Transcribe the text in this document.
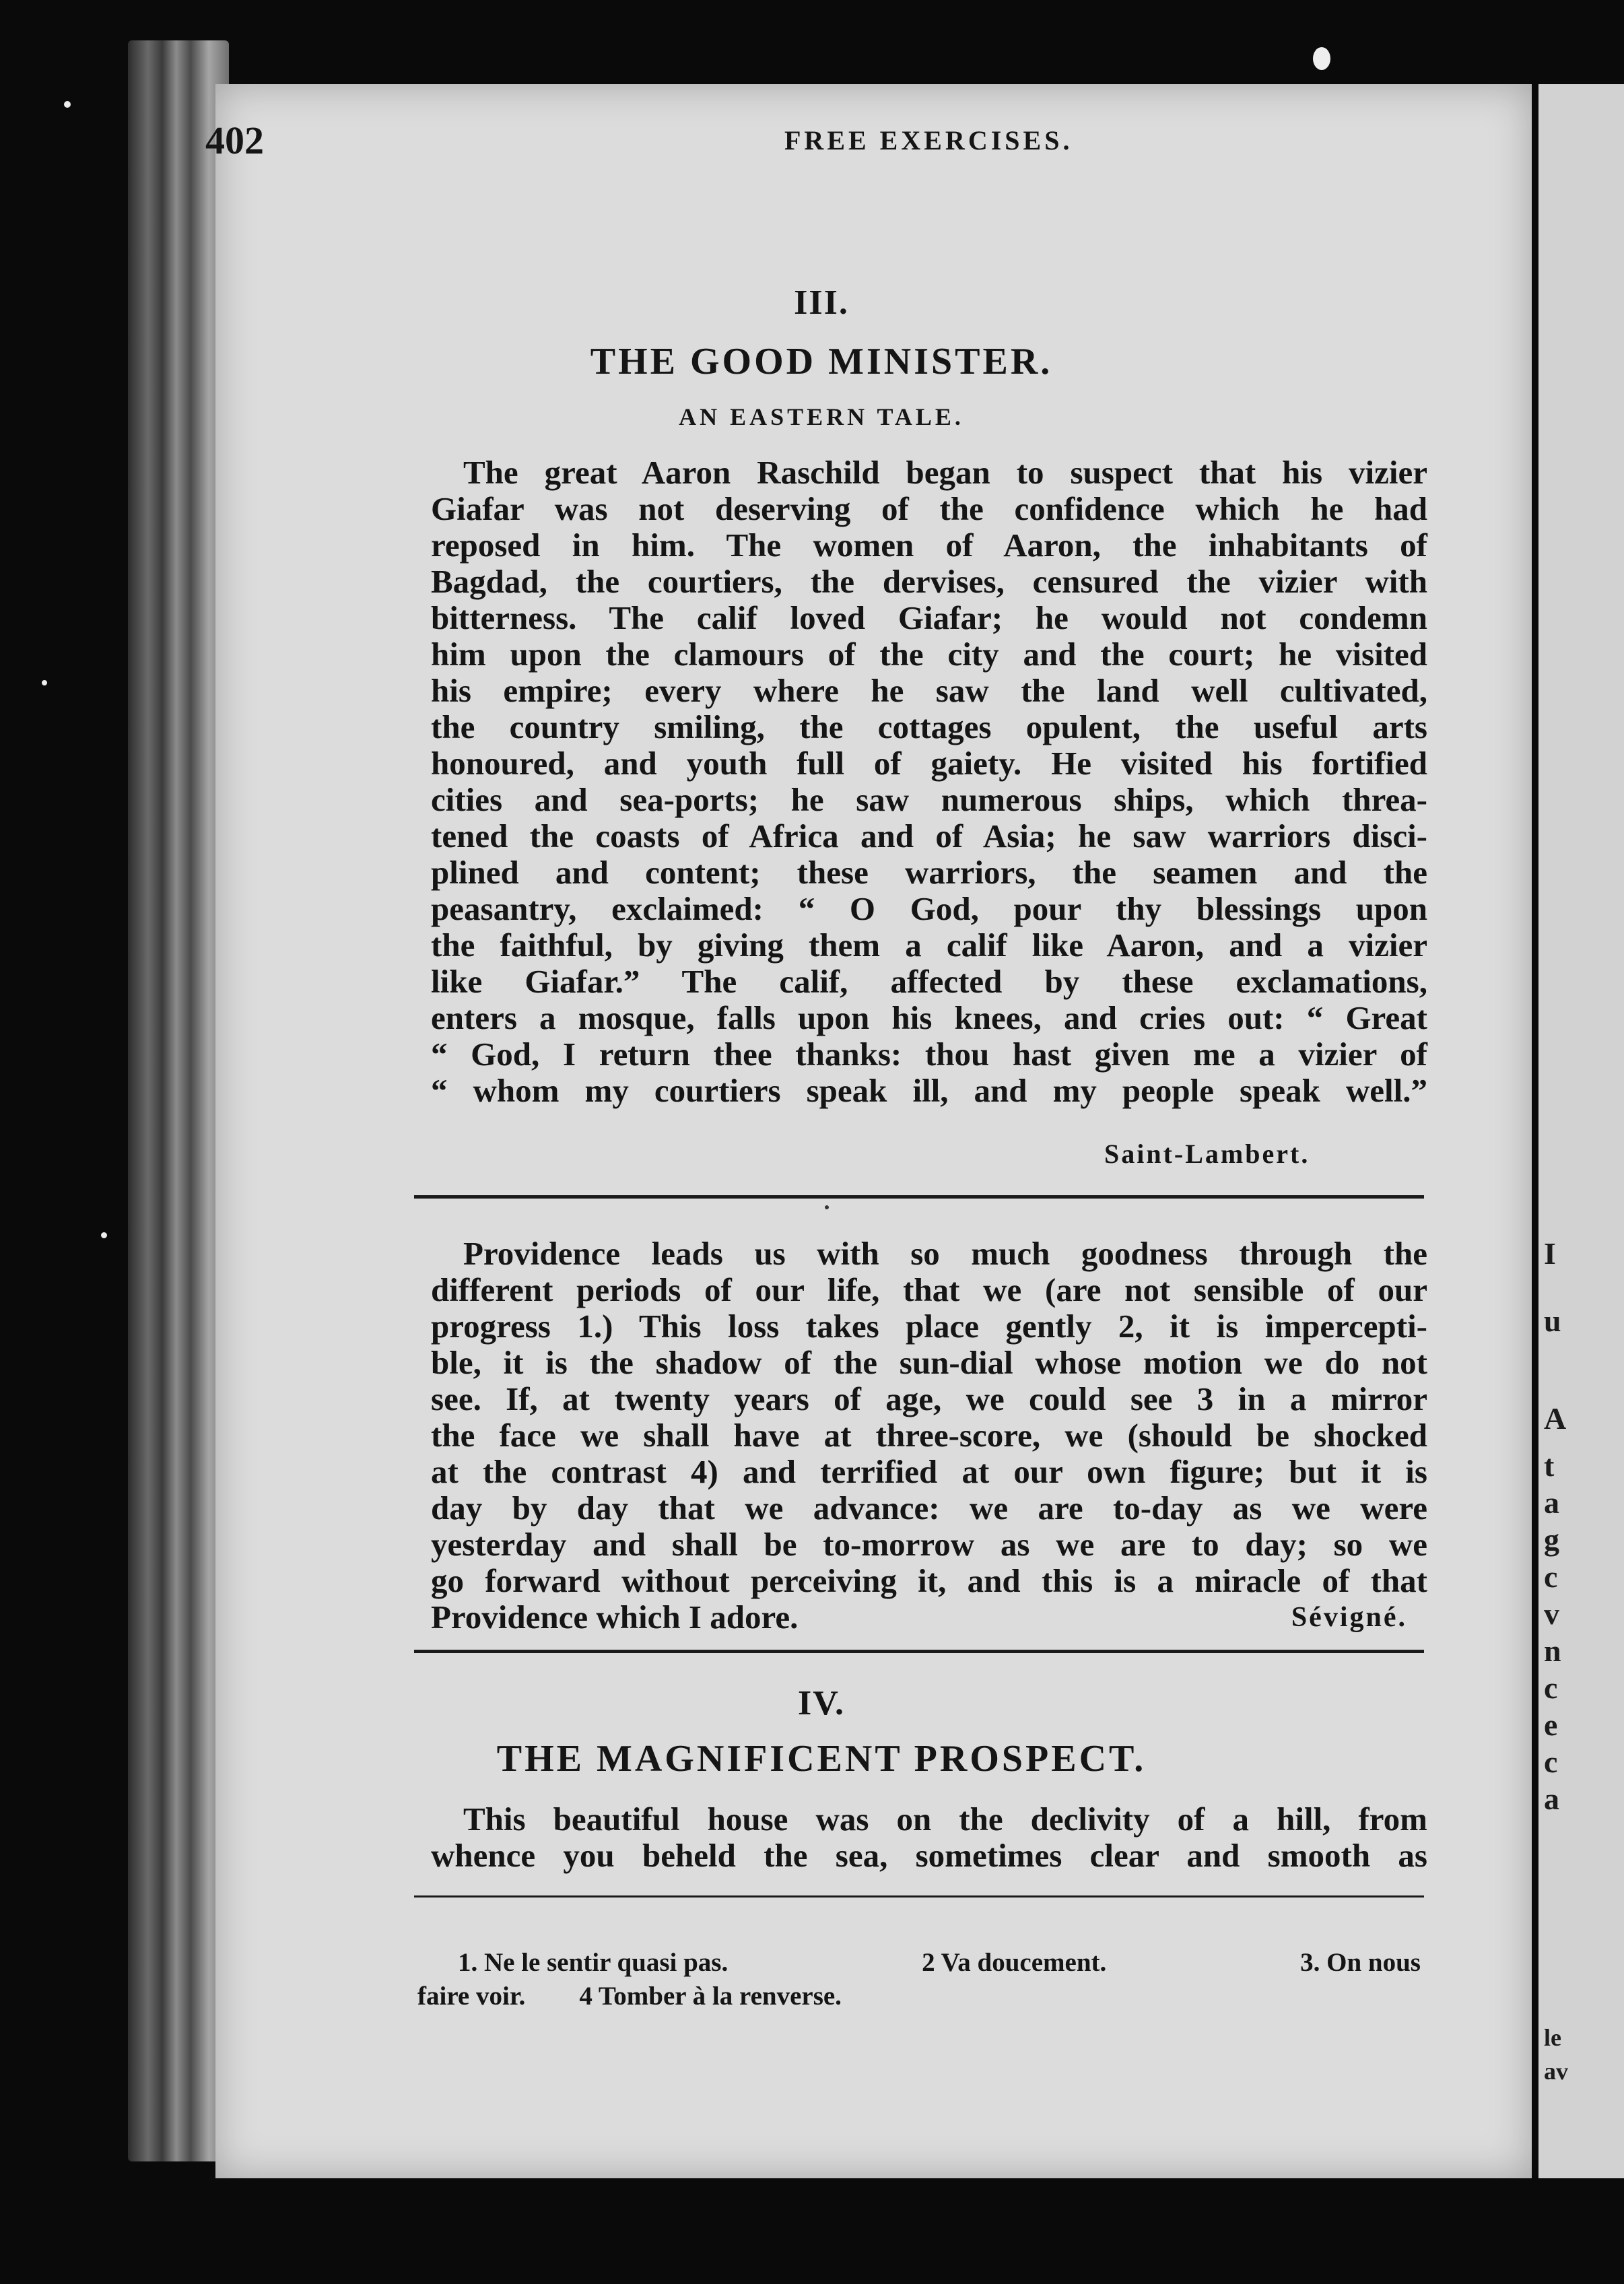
I
u
A
t
a
g
c
v
n
c
e
c
a
le
av
402	FREE EXERCISES.
III.
THE GOOD MINISTER.
AN EASTERN TALE.
The great Aaron Raschild began to suspect that his vizier
Giafar was not deserving of the confidence which he had
reposed in him. The women of Aaron, the inhabitants of
Bagdad, the courtiers, the dervises, censured the vizier with
bitterness. The calif loved Giafar; he would not condemn
him upon the clamours of the city and the court; he visited
his empire; every where he saw the land well cultivated,
the country smiling, the cottages opulent, the useful arts
honoured, and youth full of gaiety. He visited his fortified
cities and sea-ports; he saw numerous ships, which threa-
tened the coasts of Africa and of Asia; he saw warriors disci-
plined and content; these warriors, the seamen and the
peasantry, exclaimed: “ O God, pour thy blessings upon
the faithful, by giving them a calif like Aaron, and a vizier
like Giafar.” The calif, affected by these exclamations,
enters a mosque, falls upon his knees, and cries out: “ Great
“ God, I return thee thanks: thou hast given me a vizier of
“ whom my courtiers speak ill, and my people speak well.”
Saint-Lambert.
Providence leads us with so much goodness through the
different periods of our life, that we (are not sensible of our
progress 1.) This loss takes place gently 2, it is impercepti-
ble, it is the shadow of the sun-dial whose motion we do not
see. If, at twenty years of age, we could see 3 in a mirror
the face we shall have at three-score, we (should be shocked
at the contrast 4) and terrified at our own figure; but it is
day by day that we advance: we are to-day as we were
yesterday and shall be to-morrow as we are to day; so we
go forward without perceiving it, and this is a miracle of that
Providence which I adore.	Sévigné.
IV.
THE MAGNIFICENT PROSPECT.
This beautiful house was on the declivity of a hill, from
whence you beheld the sea, sometimes clear and smooth as
1. Ne le sentir quasi pas.	2 Va doucement.	3. On nous
faire voir. 4 Tomber à la renverse.
